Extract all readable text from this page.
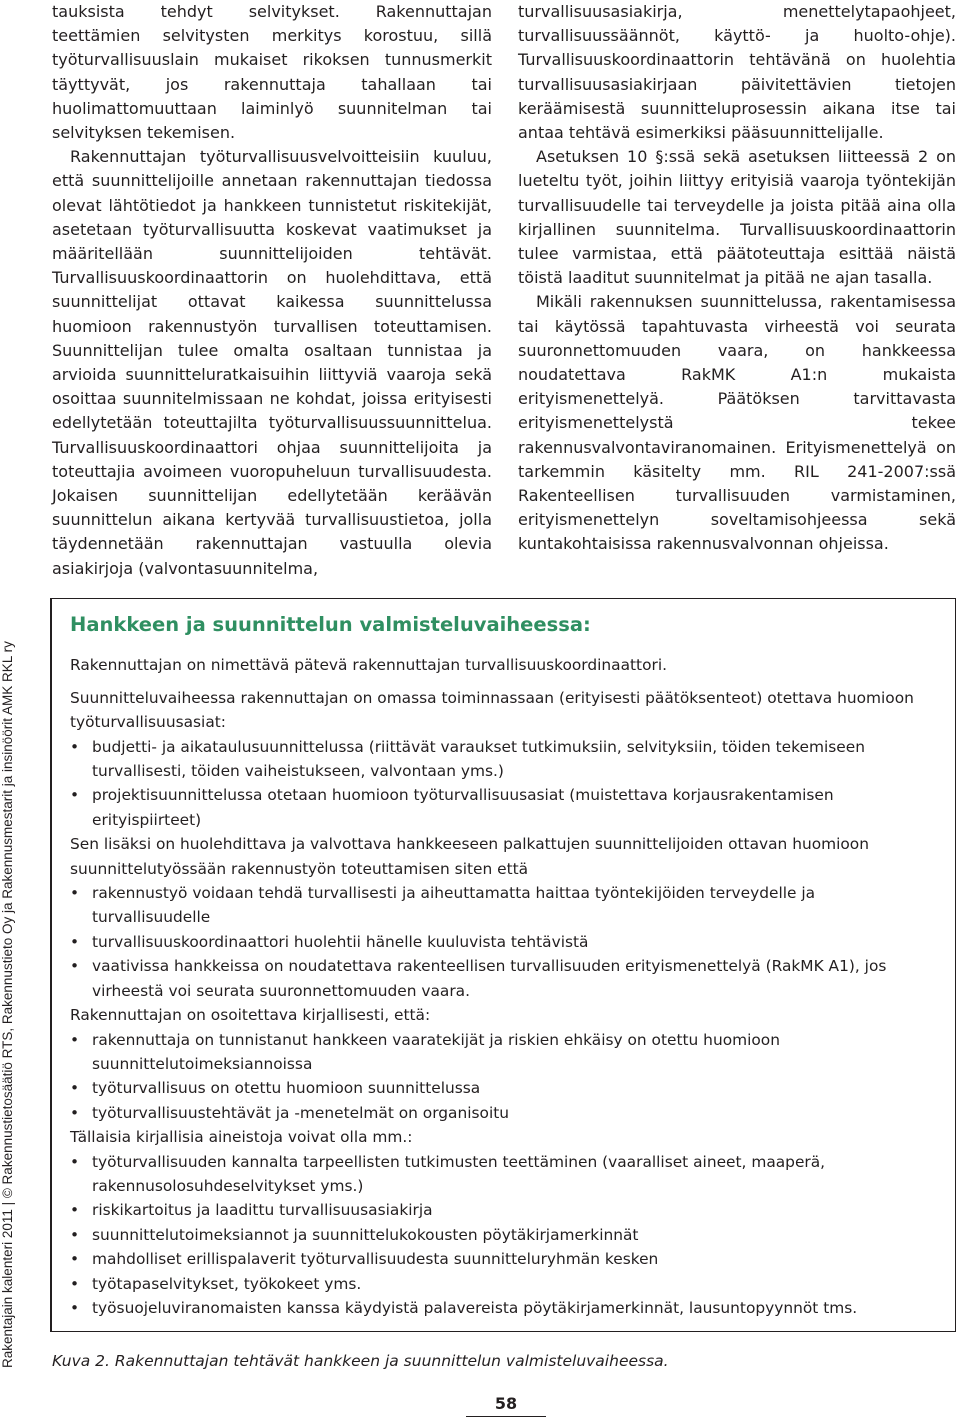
tauksista tehdyt selvitykset. Rakennuttajan teettämien selvitysten merkitys korostuu, sillä työturvallisuuslain mukaiset rikoksen tunnusmerkit täyttyvät, jos rakennuttaja tahallaan tai huolimattomuuttaan laiminlyö suunnitelman tai selvityksen tekemisen.

Rakennuttajan työturvallisuusvelvoitteisiin kuuluu, että suunnittelijoille annetaan rakennuttajan tiedossa olevat lähtötiedot ja hankkeen tunnistetut riskitekijät, asetetaan työturvallisuutta koskevat vaatimukset ja määritellään suunnittelijoiden tehtävät. Turvallisuuskoordinaattorin on huolehdittava, että suunnittelijat ottavat kaikessa suunnittelussa huomioon rakennustyön turvallisen toteuttamisen. Suunnittelijan tulee omalta osaltaan tunnistaa ja arvioida suunnitteluratkaisuihin liittyviä vaaroja sekä osoittaa suunnitelmissaan ne kohdat, joissa erityisesti edellytetään toteuttajilta työturvallisuussuunnittelua. Turvallisuuskoordinaattori ohjaa suunnittelijoita ja toteuttajia avoimeen vuoropuheluun turvallisuudesta. Jokaisen suunnittelijan edellytetään keräävän suunnittelun aikana kertyvää turvallisuustietoa, jolla täydennetään rakennuttajan vastuulla olevia asiakirjoja (valvontasuunnitelma,

turvallisuusasiakirja, menettelytapaohjeet, turvallisuussäännöt, käyttö- ja huolto-ohje). Turvallisuuskoordinaattorin tehtävänä on huolehtia turvallisuusasiakirjaan päivitettävien tietojen keräämisestä suunnitteluprosessin aikana itse tai antaa tehtävä esimerkiksi pääsuunnittelijalle.

Asetuksen 10 §:ssä sekä asetuksen liitteessä 2 on lueteltu työt, joihin liittyy erityisiä vaaroja työntekijän turvallisuudelle tai terveydelle ja joista pitää aina olla kirjallinen suunnitelma. Turvallisuuskoordinaattorin tulee varmistaa, että päätoteuttaja esittää näistä töistä laaditut suunnitelmat ja pitää ne ajan tasalla.

Mikäli rakennuksen suunnittelussa, rakentamisessa tai käytössä tapahtuvasta virheestä voi seurata suuronnettomuuden vaara, on hankkeessa noudatettava RakMK A1:n mukaista erityismenettelyä. Päätöksen tarvittavasta erityismenettelystä tekee rakennusvalvontaviranomainen. Erityismenettelyä on tarkemmin käsitelty mm. RIL 241-2007:ssä Rakenteellisen turvallisuuden varmistaminen, erityismenettelyn soveltamisohjeessa sekä kuntakohtaisissa rakennusvalvonnan ohjeissa.

Rakentajain kalenteri 2011 | © Rakennustietosäätiö RTS, Rakennustieto Oy ja Rakennusmestarit ja insinöörit AMK RKL ry
Hankkeen ja suunnittelun valmisteluvaiheessa:

Rakennuttajan on nimettävä pätevä rakennuttajan turvallisuuskoordinaattori.

Suunnitteluvaiheessa rakennuttajan on omassa toiminnassaan (erityisesti päätöksenteot) otettava huomioon työturvallisuusasiat:

• budjetti- ja aikataulusuunnittelussa (riittävät varaukset tutkimuksiin, selvityksiin, töiden tekemiseen turvallisesti, töiden vaiheistukseen, valvontaan yms.)
• projektisuunnittelussa otetaan huomioon työturvallisuusasiat (muistettava korjausrakentamisen erityispiirteet)

Sen lisäksi on huolehdittava ja valvottava hankkeeseen palkattujen suunnittelijoiden ottavan huomioon suunnittelutyössään rakennustyön toteuttamisen siten että

• rakennustyö voidaan tehdä turvallisesti ja aiheuttamatta haittaa työntekijöiden terveydelle ja turvallisuudelle
• turvallisuuskoordinaattori huolehtii hänelle kuuluvista tehtävistä
• vaativissa hankkeissa on noudatettava rakenteellisen turvallisuuden erityismenettelyä (RakMK A1), jos virheestä voi seurata suuronnettomuuden vaara.

Rakennuttajan on osoitettava kirjallisesti, että:

• rakennuttaja on tunnistanut hankkeen vaaratekijät ja riskien ehkäisy on otettu huomioon suunnittelutoimeksiannoissa
• työturvallisuus on otettu huomioon suunnittelussa
• työturvallisuustehtävät ja -menetelmät on organisoitu

Tällaisia kirjallisia aineistoja voivat olla mm.:

• työturvallisuuden kannalta tarpeellisten tutkimusten teettäminen (vaaralliset aineet, maaperä, rakennusolosuhdeselvitykset yms.)
• riskikartoitus ja laadittu turvallisuusasiakirja
• suunnittelutoimeksiannot ja suunnittelukokousten pöytäkirjamerkinnät
• mahdolliset erillispalaverit työturvallisuudesta suunnitteluryhmän kesken
• työtapaselvitykset, työkokeet yms.
• työsuojeluviranomaisten kanssa käydyistä palavereista pöytäkirjamerkinnät, lausuntopyynnöt tms.
Kuva 2. Rakennuttajan tehtävät hankkeen ja suunnittelun valmisteluvaiheessa.
58
